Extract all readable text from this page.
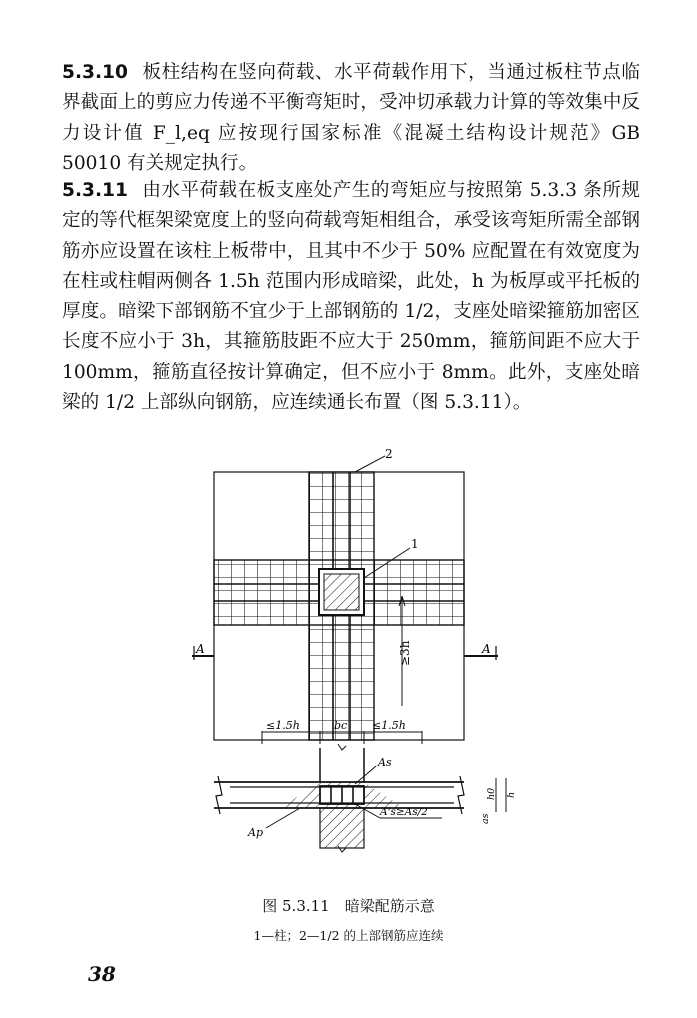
5.3.10 板柱结构在竖向荷载、水平荷载作用下，当通过板柱节点临界截面上的剪应力传递不平衡弯矩时，受冲切承载力计算的等效集中反力设计值 F_l,eq 应按现行国家标准《混凝土结构设计规范》GB 50010 有关规定执行。

5.3.11 由水平荷载在板支座处产生的弯矩应与按照第 5.3.3 条所规定的等代框架梁宽度上的竖向荷载弯矩相组合，承受该弯矩所需全部钢筋亦应设置在该柱上板带中，且其中不少于 50% 应配置在有效宽度为在柱或柱帽两侧各 1.5h 范围内形成暗梁，此处，h 为板厚或平托板的厚度。暗梁下部钢筋不宜少于上部钢筋的 1/2，支座处暗梁箍筋加密区长度不应小于 3h，其箍筋肢距不应大于 250mm，箍筋间距不应大于 100mm，箍筋直径按计算确定，但不应小于 8mm。此外，支座处暗梁的 1/2 上部纵向钢筋，应连续通长布置（图 5.3.11）。

2
1
≥3h
A	A
≤1.5h	bc ≤1.5h
As
A's≥As/2
Ap
h0 h
as

图 5.3.11　暗梁配筋示意

1—柱；2—1/2 的上部钢筋应连续

38
